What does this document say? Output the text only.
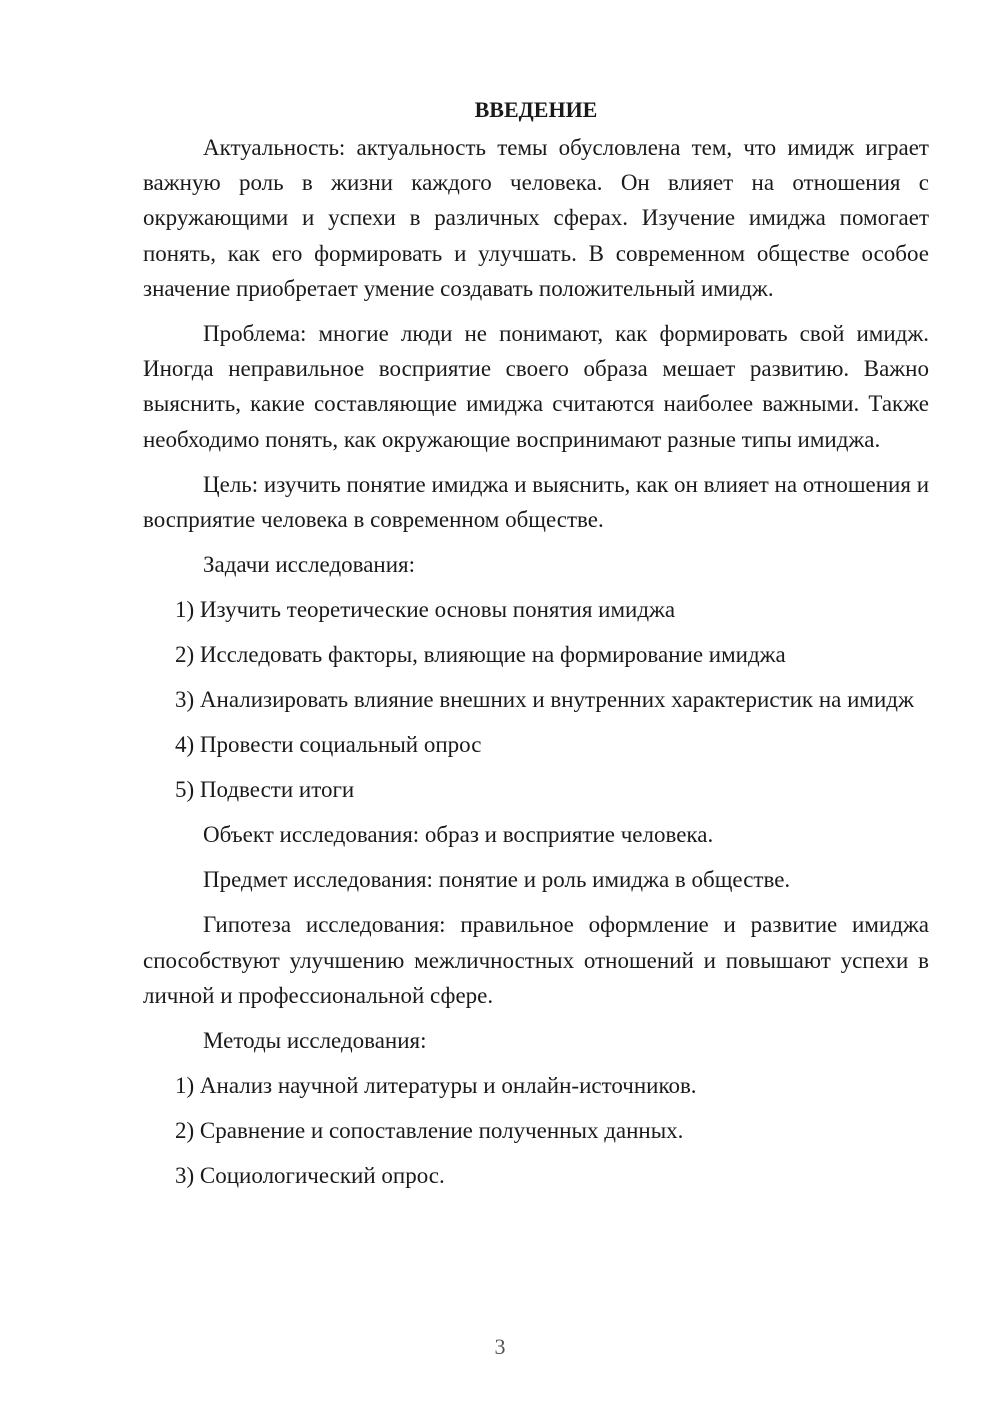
ВВЕДЕНИЕ
Актуальность: актуальность темы обусловлена тем, что имидж играет важную роль в жизни каждого человека. Он влияет на отношения с окружающими и успехи в различных сферах. Изучение имиджа помогает понять, как его формировать и улучшать. В современном обществе особое значение приобретает умение создавать положительный имидж.
Проблема: многие люди не понимают, как формировать свой имидж. Иногда неправильное восприятие своего образа мешает развитию. Важно выяснить, какие составляющие имиджа считаются наиболее важными. Также необходимо понять, как окружающие воспринимают разные типы имиджа.
Цель: изучить понятие имиджа и выяснить, как он влияет на отношения и восприятие человека в современном обществе.
Задачи исследования:
1) Изучить теоретические основы понятия имиджа
2) Исследовать факторы, влияющие на формирование имиджа
3) Анализировать влияние внешних и внутренних характеристик на имидж
4) Провести социальный опрос
5) Подвести итоги
Объект исследования: образ и восприятие человека.
Предмет исследования: понятие и роль имиджа в обществе.
Гипотеза исследования: правильное оформление и развитие имиджа способствуют улучшению межличностных отношений и повышают успехи в личной и профессиональной сфере.
Методы исследования:
1) Анализ научной литературы и онлайн-источников.
2) Сравнение и сопоставление полученных данных.
3) Социологический опрос.
3
